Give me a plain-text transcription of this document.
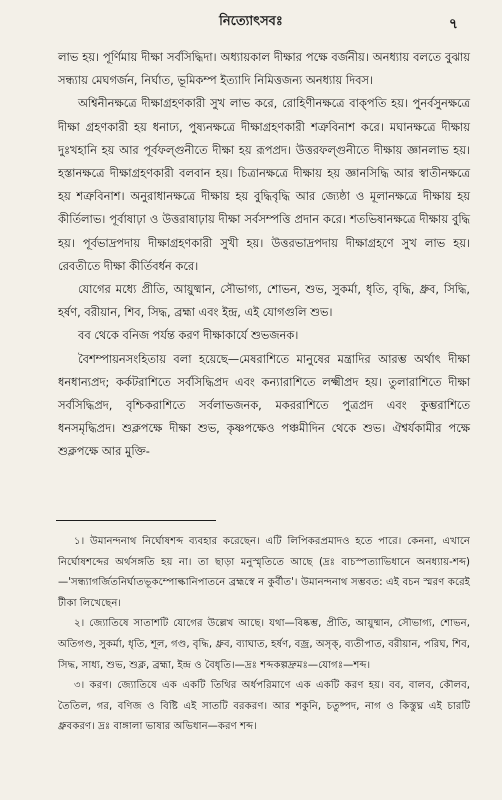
নিত্যোৎসবঃ	৭

লাভ হয়। পূর্ণিমায় দীক্ষা সর্বসিদ্ধিদা। অধ্যায়কাল দীক্ষার পক্ষে বর্জনীয়। অনধ্যায় বলতে বুঝায় সন্ধ্যায় মেঘগর্জন, নির্ঘাত, ভূমিকম্প ইত্যাদি নিমিত্তজন্য অনধ্যায় দিবস।

অশ্বিনীনক্ষত্রে দীক্ষাগ্রহণকারী সুখ লাভ করে, রোহিণীনক্ষত্রে বাক্‌পতি হয়। পুনর্বসুনক্ষত্রে দীক্ষা গ্রহণকারী হয় ধনাঢ্য, পুষ্যনক্ষত্রে দীক্ষাগ্রহণকারী শত্রুবিনাশ করে। মঘানক্ষত্রে দীক্ষায় দুঃখহানি হয় আর পূর্বফল্গুনীতে দীক্ষা হয় রূপপ্রদ। উত্তরফল্গুনীতে দীক্ষায় জ্ঞানলাভ হয়। হস্তানক্ষত্রে দীক্ষাগ্রহণকারী বলবান হয়। চিত্রানক্ষত্রে দীক্ষায় হয় জ্ঞানসিদ্ধি আর স্বাতীনক্ষত্রে হয় শত্রুবিনাশ। অনুরাধানক্ষত্রে দীক্ষায় হয় বুদ্ধিবৃদ্ধি আর জ্যেষ্ঠা ও মূলানক্ষত্রে দীক্ষায় হয় কীর্তিলাভ। পূর্বাষাঢ়া ও উত্তরাষাঢ়ায় দীক্ষা সর্বসম্পত্তি প্রদান করে। শতভিষানক্ষত্রে দীক্ষায় বুদ্ধি হয়। পূর্বভাদ্রপদায় দীক্ষাগ্রহণকারী সুখী হয়। উত্তরভাদ্রপদায় দীক্ষাগ্রহণে সুখ লাভ হয়। রেবতীতে দীক্ষা কীর্তিবর্ধন করে।

যোগের মধ্যে প্রীতি, আয়ুষ্মান, সৌভাগ্য, শোভন, শুভ, সুকর্মা, ধৃতি, বৃদ্ধি, ধ্রুব, সিদ্ধি, হর্ষণ, বরীয়ান, শিব, সিদ্ধ, ব্রহ্মা এবং ইন্দ্র, এই যোগগুলি শুভ।

বব থেকে বনিজ পর্যন্ত করণ দীক্ষাকার্যে শুভজনক।

বৈশম্পায়নসংহিতায় বলা হয়েছে—মেষরাশিতে মানুষের মন্ত্রাদির আরম্ভ অর্থাৎ দীক্ষা ধনধান্যপ্রদ; কর্কটরাশিতে সর্বসিদ্ধিপ্রদ এবং কন্যারাশিতে লক্ষ্মীপ্রদ হয়। তুলারাশিতে দীক্ষা সর্বসিদ্ধিপ্রদ, বৃশ্চিকরাশিতে সর্বলাভজনক, মকররাশিতে পুত্রপ্রদ এবং কুম্ভরাশিতে ধনসমৃদ্ধিপ্রদ। শুক্লপক্ষে দীক্ষা শুভ, কৃষ্ণপক্ষেও পঞ্চমীদিন থেকে শুভ। ঐশ্বর্যকামীর পক্ষে শুক্লপক্ষে আর মুক্তি-

১। উমানন্দনাথ নির্ঘোষশব্দ ব্যবহার করেছেন। এটি লিপিকরপ্রমাদও হতে পারে। কেননা, এখানে নির্ঘোষশব্দের অর্থসঙ্গতি হয় না। তা ছাড়া মনুস্মৃতিতে আছে (দ্রঃ বাচস্পত্যাভিধানে অনধ্যায়-শব্দ)—'সন্ধ্যাগর্জিতনির্ঘাতভূকম্পোল্কানিপাতনে ব্রহ্মস্বে ন কুর্বীত'। উমানন্দনাথ সম্ভবত: এই বচন স্মরণ করেই টীকা লিখেছেন।

২। জ্যোতিষে সাতাশটি যোগের উল্লেখ আছে। যথা—বিষ্কম্ভ, প্রীতি, আয়ুষ্মান, সৌভাগ্য, শোভন, অতিগণ্ড, সুকর্মা, ধৃতি, শূল, গণ্ড, বৃদ্ধি, ধ্রুব, ব্যাঘাত, হর্ষণ, বজ্র, অসৃক্‌, ব্যতীপাত, বরীয়ান, পরিঘ, শিব, সিদ্ধ, সাধ্য, শুভ, শুক্ল, ব্রহ্মা, ইন্দ্র ও বৈধৃতি।—দ্রঃ শব্দকল্পদ্রুমঃ—যোগঃ—শব্দ।

৩। করণ। জ্যোতিষে এক একটি তিথির অর্ধপরিমাণে এক একটি করণ হয়। বব, বালব, কৌলব, তৈতিল, গর, বণিজ ও বিষ্টি এই সাতটি বরকরণ। আর শকুনি, চতুষ্পদ, নাগ ও কিস্তুঘ্ন এই চারটি ধ্রুবকরণ। দ্রঃ বাঙ্গালা ভাষার অভিধান—করণ শব্দ।
